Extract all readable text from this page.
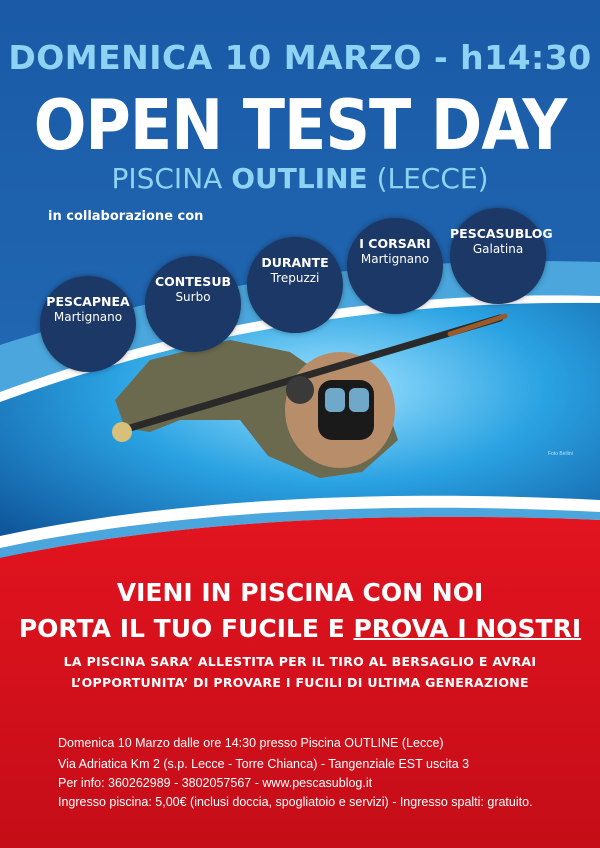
DOMENICA 10 MARZO - h14:30
OPEN TEST DAY
PISCINA OUTLINE (LECCE)
in collaborazione con
PESCAPNEA
Martignano
CONTESUB
Surbo
DURANTE
Trepuzzi
I CORSARI
Martignano
PESCASUBLOG
Galatina
Foto Bellini
VIENI IN PISCINA CON NOI
PORTA IL TUO FUCILE E PROVA I NOSTRI
LA PISCINA SARA’ ALLESTITA PER IL TIRO AL BERSAGLIO E AVRAI
L’OPPORTUNITA’ DI PROVARE I FUCILI DI ULTIMA GENERAZIONE
Domenica 10 Marzo dalle ore 14:30 presso Piscina OUTLINE (Lecce)
Via Adriatica Km 2 (s.p. Lecce - Torre Chianca) - Tangenziale EST uscita 3
Per info: 360262989 - 3802057567 - www.pescasublog.it
Ingresso piscina: 5,00€ (inclusi doccia, spogliatoio e servizi) - Ingresso spalti: gratuito.
